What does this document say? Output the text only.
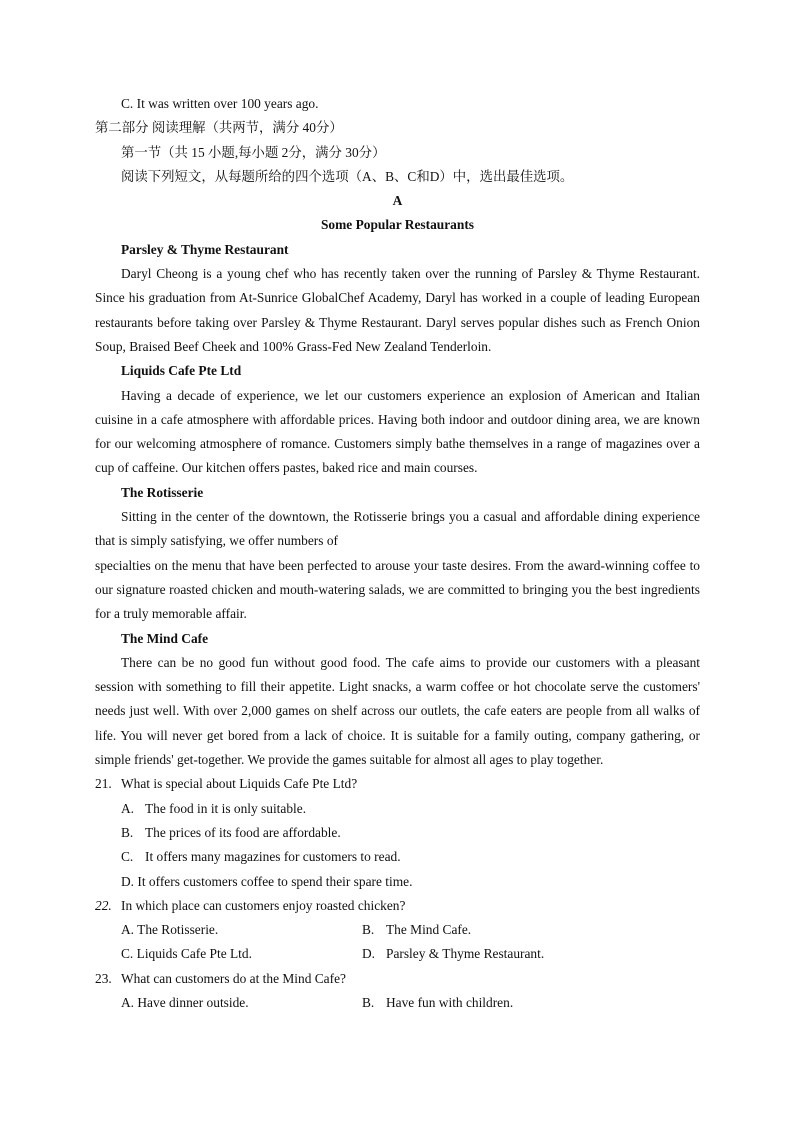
C. It was written over 100 years ago.
第二部分 阅读理解（共两节，满分 40分）
第一节（共 15 小题,每小题 2分，满分 30分）
阅读下列短文，从每题所给的四个选项（A、B、C和D）中，选出最佳选项。
A
Some Popular Restaurants
Parsley & Thyme Restaurant

Daryl Cheong is a young chef who has recently taken over the running of Parsley & Thyme Restaurant. Since his graduation from At-Sunrice GlobalChef Academy, Daryl has worked in a couple of leading European restaurants before taking over Parsley & Thyme Restaurant. Daryl serves popular dishes such as French Onion Soup, Braised Beef Cheek and 100% Grass-Fed New Zealand Tenderloin.

Liquids Cafe Pte Ltd

Having a decade of experience, we let our customers experience an explosion of American and Italian cuisine in a cafe atmosphere with affordable prices. Having both indoor and outdoor dining area, we are known for our welcoming atmosphere of romance. Customers simply bathe themselves in a range of magazines over a cup of caffeine. Our kitchen offers pastes, baked rice and main courses.

The Rotisserie

Sitting in the center of the downtown, the Rotisserie brings you a casual and affordable dining experience that is simply satisfying, we offer numbers of

specialties on the menu that have been perfected to arouse your taste desires. From the award-winning coffee to our signature roasted chicken and mouth-watering salads, we are committed to bringing you the best ingredients for a truly memorable affair.

The Mind Cafe

There can be no good fun without good food. The cafe aims to provide our customers with a pleasant session with something to fill their appetite. Light snacks, a warm coffee or hot chocolate serve the customers' needs just well. With over 2,000 games on shelf across our outlets, the cafe eaters are people from all walks of life. You will never get bored from a lack of choice. It is suitable for a family outing, company gathering, or simple friends' get-together. We provide the games suitable for almost all ages to play together.

21. What is special about Liquids Cafe Pte Ltd?
A. The food in it is only suitable.
B. The prices of its food are affordable.
C. It offers many magazines for customers to read.
D. It offers customers coffee to spend their spare time.
22. In which place can customers enjoy roasted chicken?
A. The Rotisserie.	B. The Mind Cafe.
C. Liquids Cafe Pte Ltd.	D. Parsley & Thyme Restaurant.
23. What can customers do at the Mind Cafe?
A. Have dinner outside.	B. Have fun with children.
